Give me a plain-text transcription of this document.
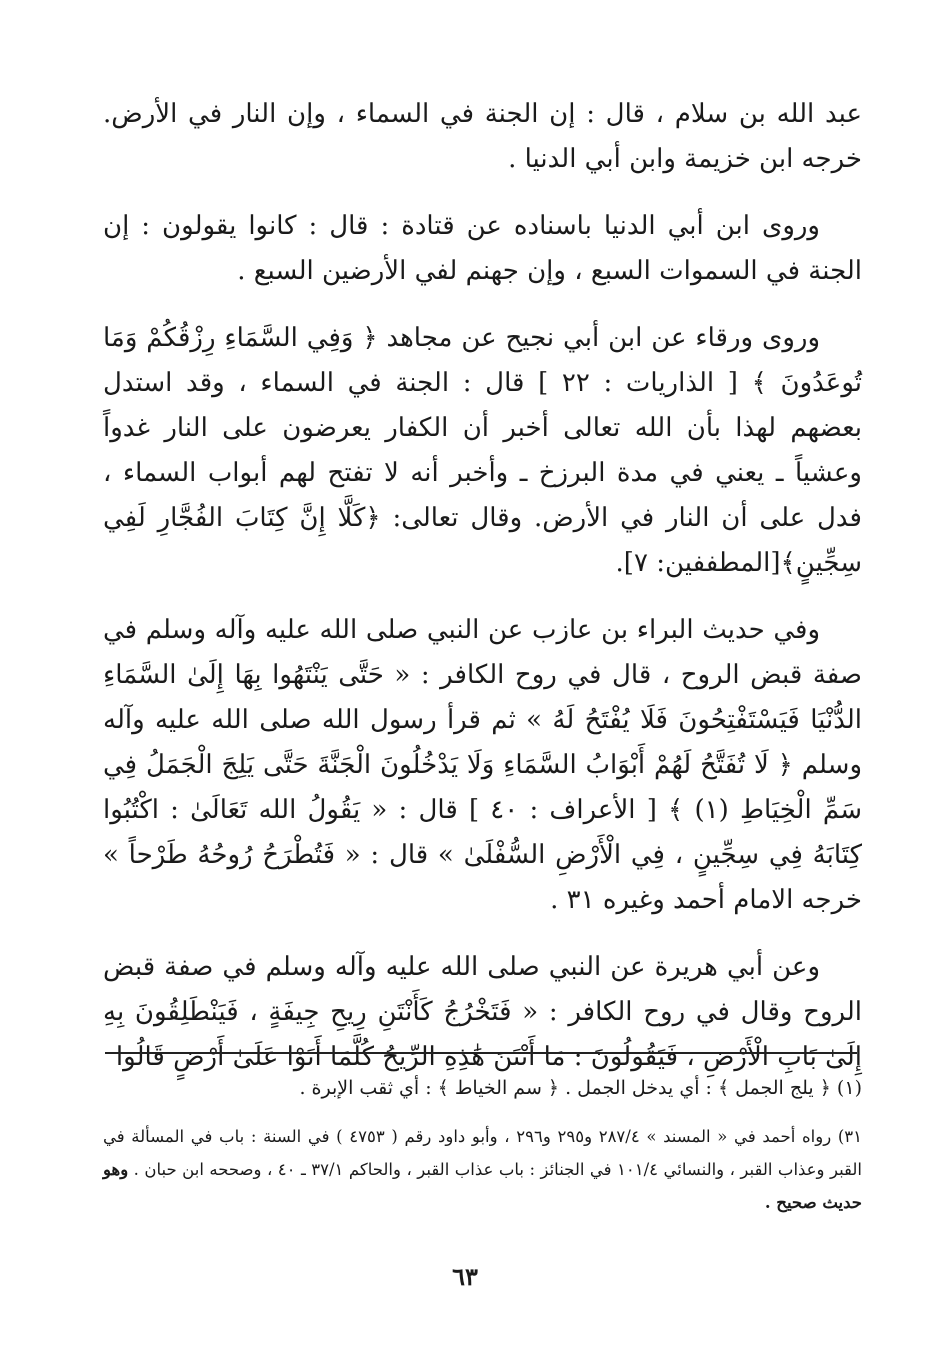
عبد الله بن سلام ، قال : إن الجنة في السماء ، وإن النار في الأرض. خرجه ابن خزيمة وابن أبي الدنيا .

وروى ابن أبي الدنيا باسناده عن قتادة : قال : كانوا يقولون : إن الجنة في السموات السبع ، وإن جهنم لفي الأرضين السبع .

وروى ورقاء عن ابن أبي نجيح عن مجاهد ﴿ وَفِي السَّمَاءِ رِزْقُكُمْ وَمَا تُوعَدُونَ ﴾ [ الذاريات : ٢٢ ] قال : الجنة في السماء ، وقد استدل بعضهم لهذا بأن الله تعالى أخبر أن الكفار يعرضون على النار غدواً وعشياً ـ يعني في مدة البرزخ ـ وأخبر أنه لا تفتح لهم أبواب السماء ، فدل على أن النار في الأرض. وقال تعالى: ﴿كَلَّا إِنَّ كِتَابَ الفُجَّارِ لَفِي سِجِّينٍ﴾[المطففين: ٧].

وفي حديث البراء بن عازب عن النبي صلى الله عليه وآله وسلم في صفة قبض الروح ، قال في روح الكافر : « حَتَّى يَنْتَهُوا بِهَا إِلَىٰ السَّمَاءِ الدُّنْيَا فَيَسْتَفْتِحُونَ فَلَا يُفْتَحُ لَهُ » ثم قرأ رسول الله صلى الله عليه وآله وسلم ﴿ لَا تُفَتَّحُ لَهُمْ أَبْوَابُ السَّمَاءِ وَلَا يَدْخُلُونَ الْجَنَّةَ حَتَّى يَلِجَ الْجَمَلُ فِي سَمِّ الْخِيَاطِ (١) ﴾ [ الأعراف : ٤٠ ] قال : « يَقُولُ الله تَعَالَىٰ : اكْتُبُوا كِتَابَهُ فِي سِجِّينٍ ، فِي الْأَرْضِ السُّفْلَىٰ » قال : « فَتُطْرَحُ رُوحُهُ طَرْحاً » خرجه الامام أحمد وغيره ٣١ .

وعن أبي هريرة عن النبي صلى الله عليه وآله وسلم في صفة قبض الروح وقال في روح الكافر : « فَتَخْرُجُ كَأَنْتَنِ رِيحِ جِيفَةٍ ، فَيَنْطَلِقُونَ بِهِ إِلَىٰ بَابِ الْأَرْضِ ، فَيَقُولُونَ : مَا أَنْتَنَ هَٰذِهِ الرِّيحُ كُلَّمَا أَتَوْا عَلَىٰ أَرْضٍ قَالُوا

(١) ﴿ يلج الجمل ﴾ : أي يدخل الجمل . ﴿ سم الخياط ﴾ : أي ثقب الإبرة .

٣١) رواه أحمد في « المسند » ٢٨٧/٤ و٢٩٥ و٢٩٦ ، وأبو داود رقم ( ٤٧٥٣ ) في السنة : باب في المسألة في القبر وعذاب القبر ، والنسائي ١٠١/٤ في الجنائز : باب عذاب القبر ، والحاكم ٣٧/١ ـ ٤٠ ، وصححه ابن حبان . وهو حديث صحيح .

٦٣
